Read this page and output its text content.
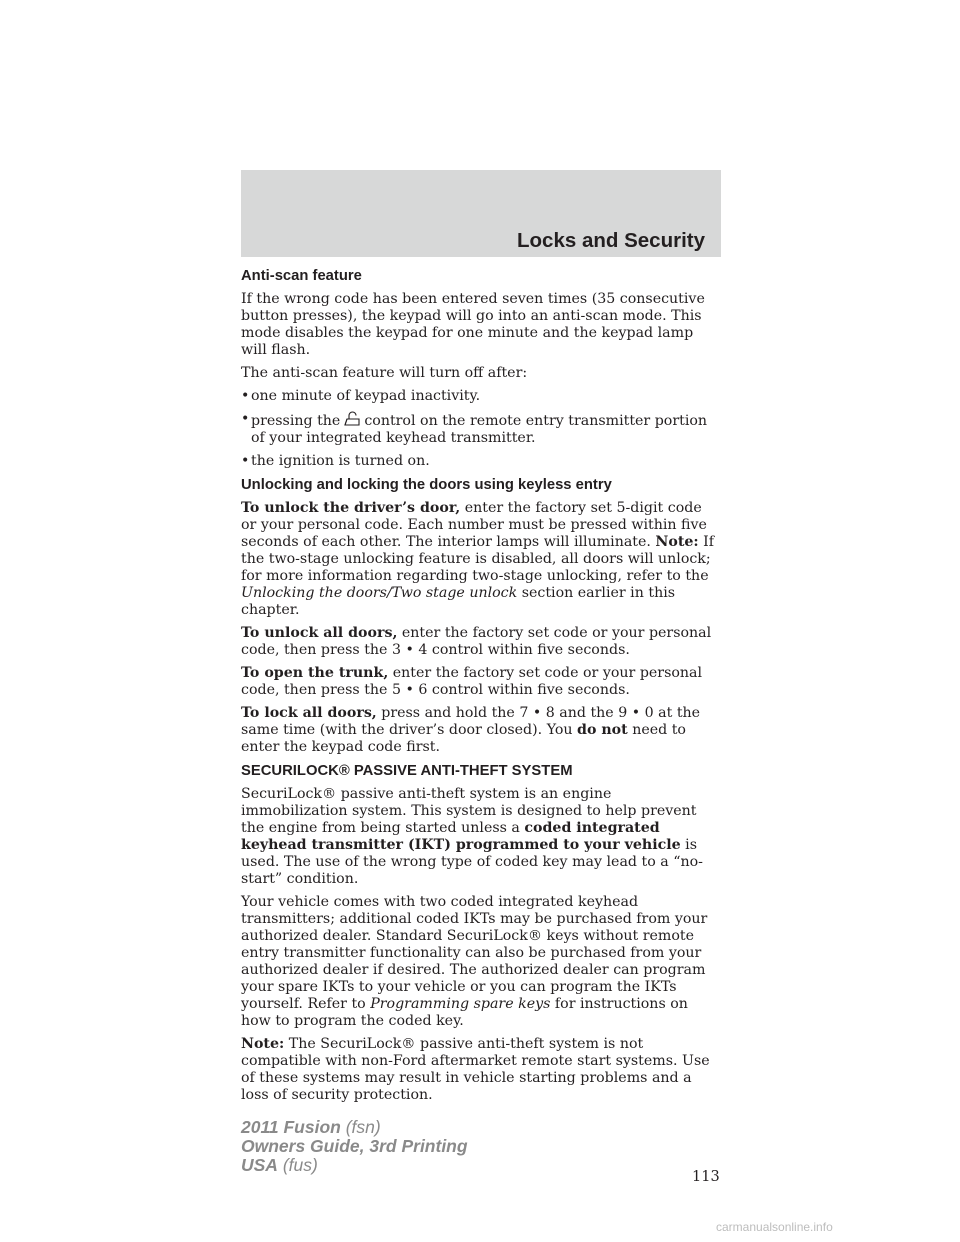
Locks and Security
Anti-scan feature

If the wrong code has been entered seven times (35 consecutive button presses), the keypad will go into an anti-scan mode. This mode disables the keypad for one minute and the keypad lamp will flash.

The anti-scan feature will turn off after:

• one minute of keypad inactivity.
• pressing the control on the remote entry transmitter portion of your integrated keyhead transmitter.
• the ignition is turned on.
Unlocking and locking the doors using keyless entry

To unlock the driver’s door, enter the factory set 5-digit code or your personal code. Each number must be pressed within five seconds of each other. The interior lamps will illuminate. Note: If the two-stage unlocking feature is disabled, all doors will unlock; for more information regarding two-stage unlocking, refer to the Unlocking the doors/Two stage unlock section earlier in this chapter.

To unlock all doors, enter the factory set code or your personal code, then press the 3 • 4 control within five seconds.

To open the trunk, enter the factory set code or your personal code, then press the 5 • 6 control within five seconds.

To lock all doors, press and hold the 7 • 8 and the 9 • 0 at the same time (with the driver’s door closed). You do not need to enter the keypad code first.

SECURILOCK® PASSIVE ANTI-THEFT SYSTEM

SecuriLock® passive anti-theft system is an engine immobilization system. This system is designed to help prevent the engine from being started unless a coded integrated keyhead transmitter (IKT) programmed to your vehicle is used. The use of the wrong type of coded key may lead to a “no-start” condition.

Your vehicle comes with two coded integrated keyhead transmitters; additional coded IKTs may be purchased from your authorized dealer. Standard SecuriLock® keys without remote entry transmitter functionality can also be purchased from your authorized dealer if desired. The authorized dealer can program your spare IKTs to your vehicle or you can program the IKTs yourself. Refer to Programming spare keys for instructions on how to program the coded key.

Note: The SecuriLock® passive anti-theft system is not compatible with non-Ford aftermarket remote start systems. Use of these systems may result in vehicle starting problems and a loss of security protection.

113
2011 Fusion (fsn)
Owners Guide, 3rd Printing
USA (fus)
carmanualsonline.info
